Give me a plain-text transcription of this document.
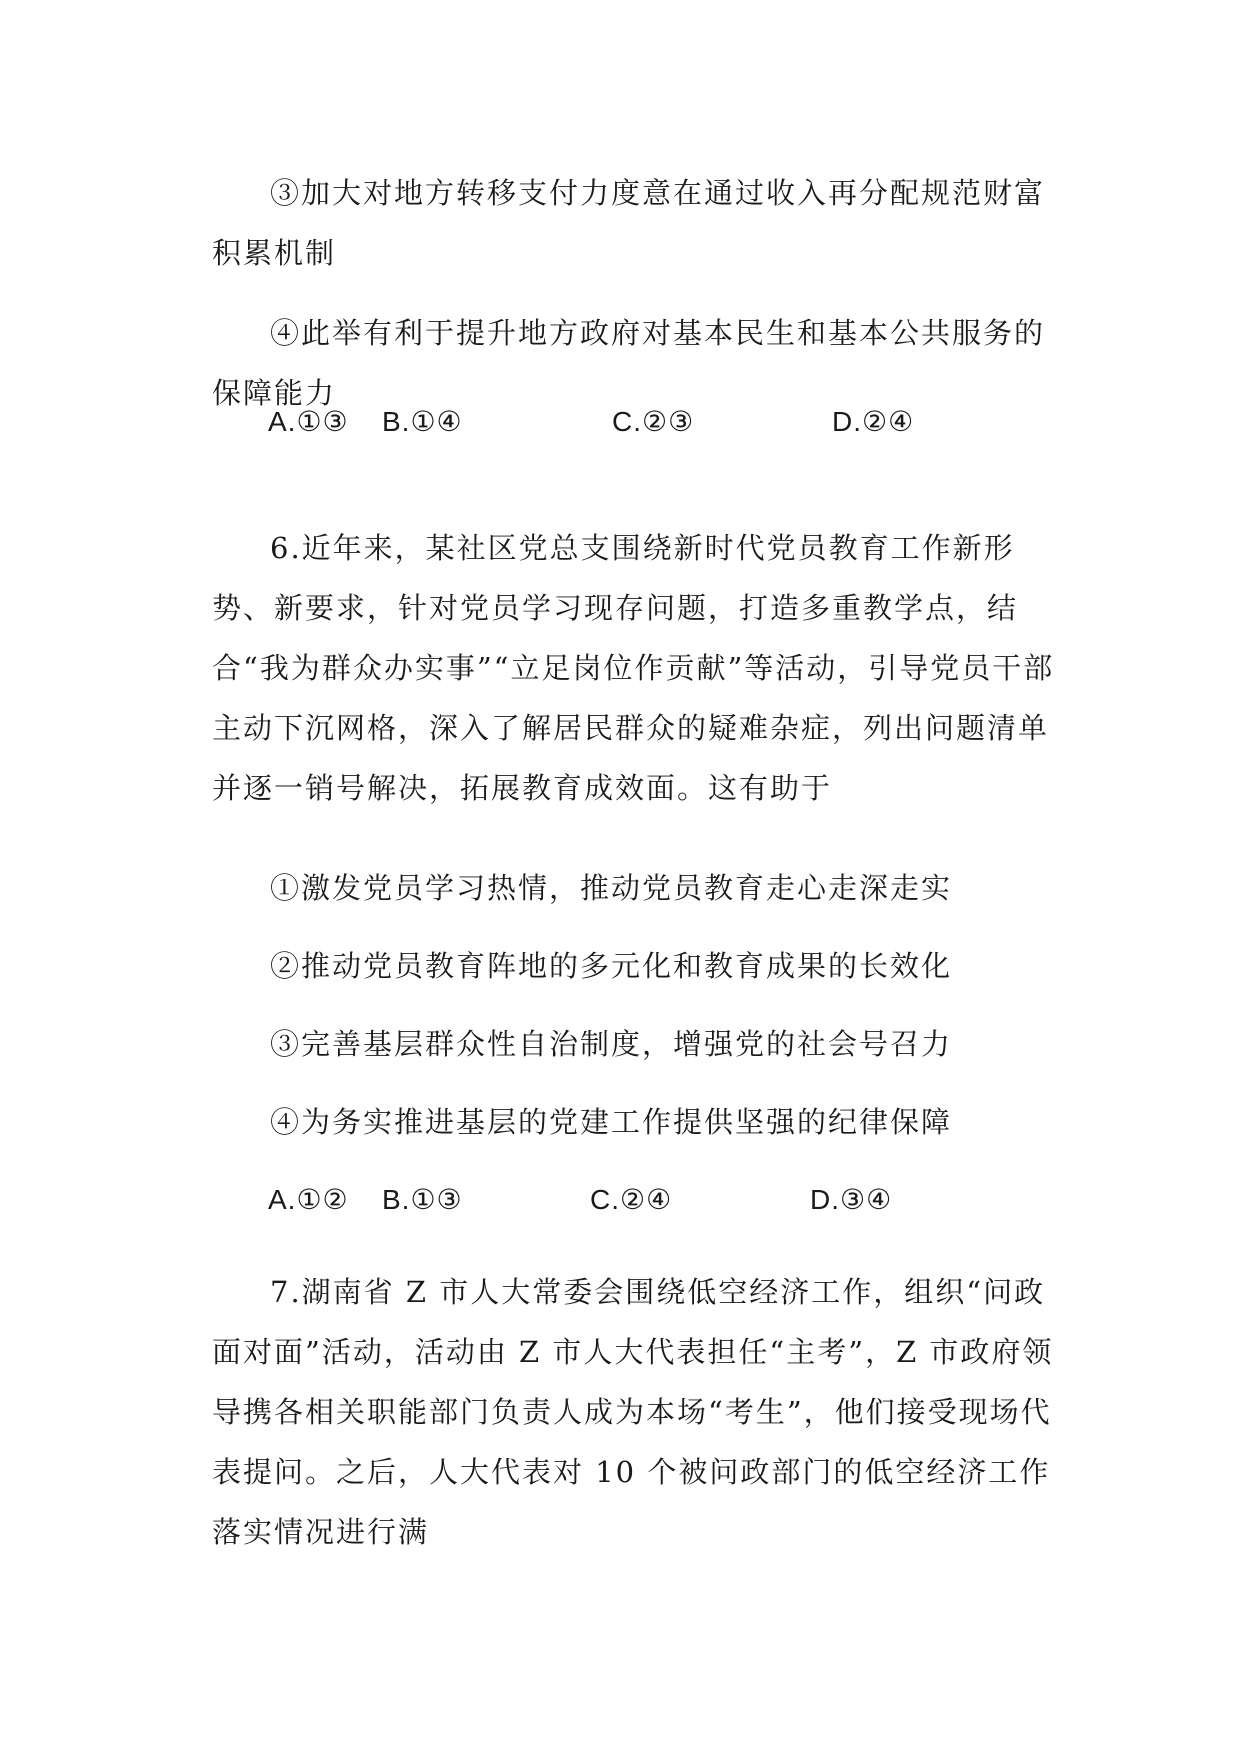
③加大对地方转移支付力度意在通过收入再分配规范财富积累机制
④此举有利于提升地方政府对基本民生和基本公共服务的保障能力
A.①③ B.①④	C.②③	D.②④
6.近年来，某社区党总支围绕新时代党员教育工作新形势、新要求，针对党员学习现存问题，打造多重教学点，结合“我为群众办实事”“立足岗位作贡献”等活动，引导党员干部主动下沉网格，深入了解居民群众的疑难杂症，列出问题清单并逐一销号解决，拓展教育成效面。这有助于
①激发党员学习热情，推动党员教育走心走深走实
②推动党员教育阵地的多元化和教育成果的长效化
③完善基层群众性自治制度，增强党的社会号召力
④为务实推进基层的党建工作提供坚强的纪律保障
A.①② B.①③	C.②④	D.③④
7.湖南省 Z 市人大常委会围绕低空经济工作，组织“问政面对面”活动，活动由 Z 市人大代表担任“主考”，Z 市政府领导携各相关职能部门负责人成为本场“考生”，他们接受现场代表提问。之后，人大代表对 10 个被问政部门的低空经济工作落实情况进行满
